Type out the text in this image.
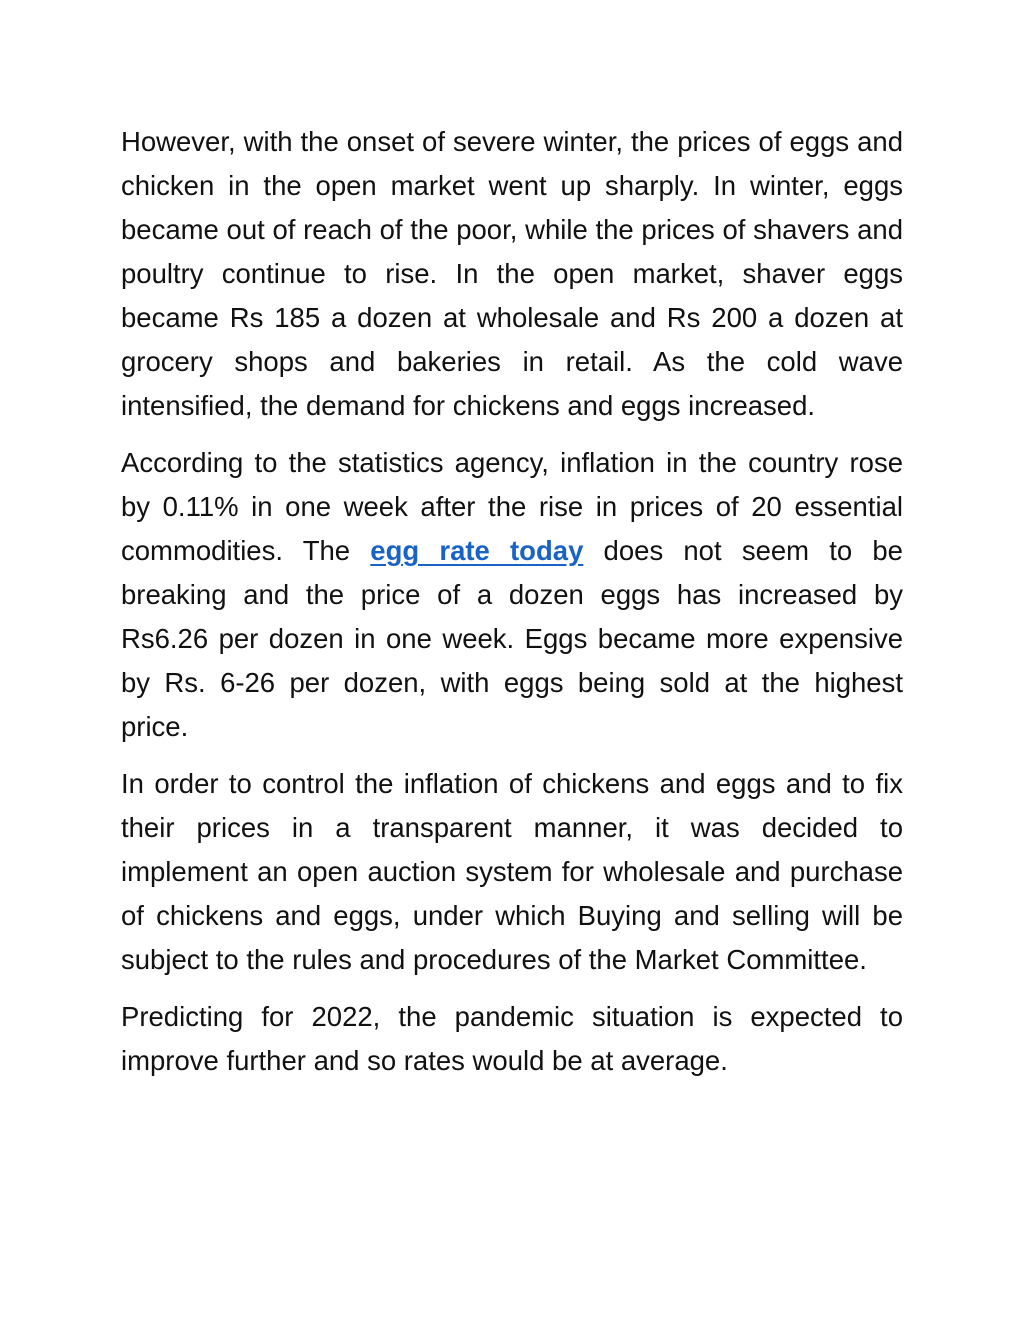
However, with the onset of severe winter, the prices of eggs and chicken in the open market went up sharply. In winter, eggs became out of reach of the poor, while the prices of shavers and poultry continue to rise. In the open market, shaver eggs became Rs 185 a dozen at wholesale and Rs 200 a dozen at grocery shops and bakeries in retail. As the cold wave intensified, the demand for chickens and eggs increased.

According to the statistics agency, inflation in the country rose by 0.11% in one week after the rise in prices of 20 essential commodities. The egg rate today does not seem to be breaking and the price of a dozen eggs has increased by Rs6.26 per dozen in one week. Eggs became more expensive by Rs. 6-26 per dozen, with eggs being sold at the highest price.

In order to control the inflation of chickens and eggs and to fix their prices in a transparent manner, it was decided to implement an open auction system for wholesale and purchase of chickens and eggs, under which Buying and selling will be subject to the rules and procedures of the Market Committee.

Predicting for 2022, the pandemic situation is expected to improve further and so rates would be at average.
